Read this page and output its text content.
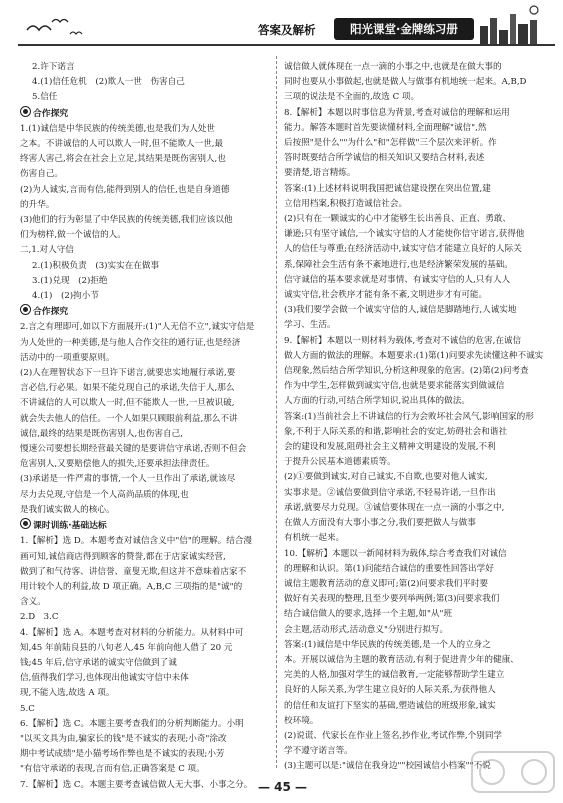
答案及解析	阳光课堂·金牌练习册
2.许下诺言
4.(1)信任危机　(2)欺人一世　伤害自己
5.信任
合作探究
1.(1)诚信是中华民族的传统美德,也是我们为人处世
之本。不讲诚信的人可以欺人一时,但不能欺人一世,最
终害人害己,将会在社会上立足,其结果是既伤害别人,也
伤害自己。
(2)为人诚实,言而有信,能得到别人的信任,也是自身道德
的升华。
(3)他们的行为彰显了中华民族的传统美德,我们应该以他
们为榜样,做一个诚信的人。
二,1.对人守信
2.(1)积极负责　(3)实实在在做事
3.(1)兑现　(2)拒绝
4.(1)　(2)拘小节
合作探究
2.言之有理即可,如以下方面展开:(1)"人无信不立",诚实守信是
为人处世的一种美德,是与他人合作交往的通行证,也是经济
活动中的一项重要原则。
(2)人在理智状态下一旦许下诺言,就要忠实地履行承诺,要
言必信,行必果。如果不能兑现自己的承诺,失信于人,那么
不讲诚信的人可以欺人一时,但不能欺人一世,一旦被识破,
就会失去他人的信任。一个人如果只顾眼前利益,那么不讲
诚信,最终的结果是既伤害别人,也伤害自己,
慢速公司要想长期经营最关键的是要讲信守承诺,否则不但会
危害别人,又要赔偿他人的损失,还要承担法律责任。
(3)承诺是一件严肃的事情,一个人一旦作出了承诺,就该尽
尽力去兑现,守信是一个人高尚品质的体现,也
是我们诚实做人的核心。
课时训练·基础达标
1.【解析】选 D。本题考查对诚信含义中"信"的理解。结合漫
画可知,诚信商店得到顾客的赞誉,都在于店家诚实经营,
做到了和气待客、讲信誉、童叟无欺,但这并不意味着店家不
用计较个人的利益,故 D 项正确。A,B,C 三项指的是"诚"的
含义。
2.D　3.C
4.【解析】选 A。本题考查对材料的分析能力。从材料中可
知,45 年前陆良县的八旬老人,45 年前向他人借了 20 元
钱;45 年后,信守承诺的诚实守信做到了诚
信,值得我们学习,也体现出他诚实守信中未体
现,不能入选,故选 A 项。
5.C
6.【解析】选 C。本题主要考查我们的分析判断能力。小明
"以买文具为由,骗家长的钱"是不诚实的表现;小奇"涂改
期中考试成绩"是小猫考场作弊也是不诚实的表现;小芳
"有信守承诺的表现,言而有信,正确答案是 C 项。
7.【解析】选 C。本题主要考查诚信做人无大事、小事之分。
诚信做人就体现在一点一滴的小事之中,也就是在做大事的
同时也要从小事做起,也就是做人与做事有机地统一起来。A,B,D
三项的说法是不全面的,故选 C 项。
8.【解析】本题以时事信息为背景,考查对诚信的理解和运用
能力。解答本题时首先要读懂材料,全面理解"诚信",然
后按照"是什么""为什么"和"怎样做"三个层次来评析。作
答时既要结合所学诚信的相关知识又要结合材料,表述
要清楚,语言精炼。
答案:(1)上述材料说明我国把诚信建设摆在突出位置,建
立信用档案,积极打造诚信社会。
(2)只有在一颗诚实的心中才能够生长出善良、正直、勇敢、
谦逊;只有坚守诚信,一个诚实守信的人才能使你信守诺言,获得他
人的信任与尊重;在经济活动中,诚实守信才能建立良好的人际关
系,保障社会生活有条不紊地进行,也是经济繁荣发展的基础。
信守诚信的基本要求就是对事情、有诚实守信的人,只有人人
诚实守信,社会秩序才能有条不紊,文明进步才有可能。
(3)我们要学会做一个诚实守信的人,诚信是脚踏地行,人诚实地
学习、生活。
9.【解析】本题以一则材料为载体,考查对不诚信的危害,在诚信
做人方面的做法的理解。本题要求:(1)第(1)问要求先读懂这种不诚实
信现象,然后结合所学知识,分析这种现象的危害。(2)第(2)问考查
作为中学生,怎样做到诚实守信,也就是要求能落实到做诚信
人方面的行动,可结合所学知识,说出具体的做法。
答案:(1)当前社会上不讲诚信的行为会败坏社会风气,影响国家的形
象,不利于人际关系的和谐,影响社会的安定,妨碍社会和谐社
会的建设和发展,阻碍社会主义精神文明建设的发展,不利
于提升公民基本道德素质等。
(2)①要做到诚实,对自己诚实,不自欺,也要对他人诚实,
实事求是。②诚信要做到信守承诺,不轻易许诺,一旦作出
承诺,就要尽力兑现。③诚信要体现在一点一滴的小事之中,
在做人方面没有大事小事之分,我们要把做人与做事
有机统一起来。
10.【解析】本题以一新闻材料为载体,综合考查我们对诚信
的理解和认识。第(1)问能结合诚信的重要性回答出学好
诚信主题教育活动的意义即可;第(2)问要求我们平时要
做好有关表现的整理,且至少要列举两例;第(3)问要求我们
结合诚信做人的要求,选择一个主题,如"从"班
会主题,活动形式,活动意义"分别进行拟写。
答案:(1)诚信是中华民族的传统美德,是一个人的立身之
本。开展以诚信为主题的教育活动,有利于促进青少年的健康、
完美的人格,加强对学生的诚信教育,一定能够帮助学生建立
良好的人际关系,为学生建立良好的人际关系,为获得他人
的信任和友谊打下坚实的基础,塑造诚信的班级形象,诚实
校环境。
(2)说谎、代家长在作业上签名,抄作业,考试作弊,个别同学
学不遵守诺言等。
(3)主题可以是:"诚信在我身边""校园诚信小档案""不说
— 45 —
